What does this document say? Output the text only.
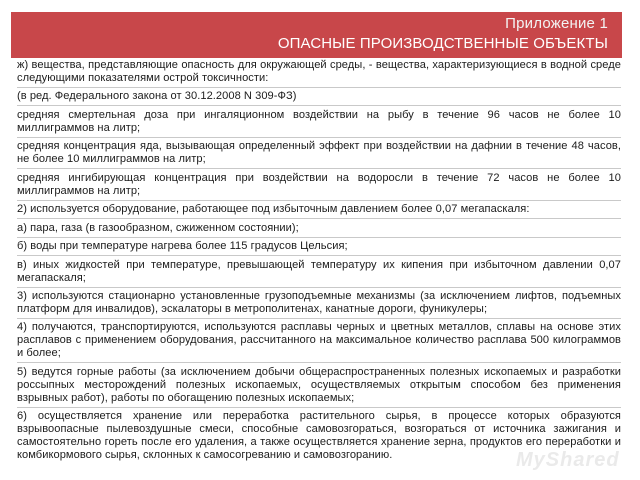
Приложение 1
ОПАСНЫЕ ПРОИЗВОДСТВЕННЫЕ ОБЪЕКТЫ

ж) вещества, представляющие опасность для окружающей среды, - вещества, характеризующиеся в водной среде следующими показателями острой токсичности:

(в ред. Федерального закона от 30.12.2008 N 309-ФЗ)

средняя смертельная доза при ингаляционном воздействии на рыбу в течение 96 часов не более 10 миллиграммов на литр;

средняя концентрация яда, вызывающая определенный эффект при воздействии на дафнии в течение 48 часов, не более 10 миллиграммов на литр;

средняя ингибирующая концентрация при воздействии на водоросли в течение 72 часов не более 10 миллиграммов на литр;

2) используется оборудование, работающее под избыточным давлением более 0,07 мегапаскаля:

а) пара, газа (в газообразном, сжиженном состоянии);

б) воды при температуре нагрева более 115 градусов Цельсия;

в) иных жидкостей при температуре, превышающей температуру их кипения при избыточном давлении 0,07 мегапаскаля;

3) используются стационарно установленные грузоподъемные механизмы (за исключением лифтов, подъемных платформ для инвалидов), эскалаторы в метрополитенах, канатные дороги, фуникулеры;

4) получаются, транспортируются, используются расплавы черных и цветных металлов, сплавы на основе этих расплавов с применением оборудования, рассчитанного на максимальное количество расплава 500 килограммов и более;

5) ведутся горные работы (за исключением добычи общераспространенных полезных ископаемых и разработки россыпных месторождений полезных ископаемых, осуществляемых открытым способом без применения взрывных работ), работы по обогащению полезных ископаемых;

6) осуществляется хранение или переработка растительного сырья, в процессе которых образуются взрывоопасные пылевоздушные смеси, способные самовозгораться, возгораться от источника зажигания и самостоятельно гореть после его удаления, а также осуществляется хранение зерна, продуктов его переработки и комбикормового сырья, склонных к самосогреванию и самовозгоранию.	MyShared
